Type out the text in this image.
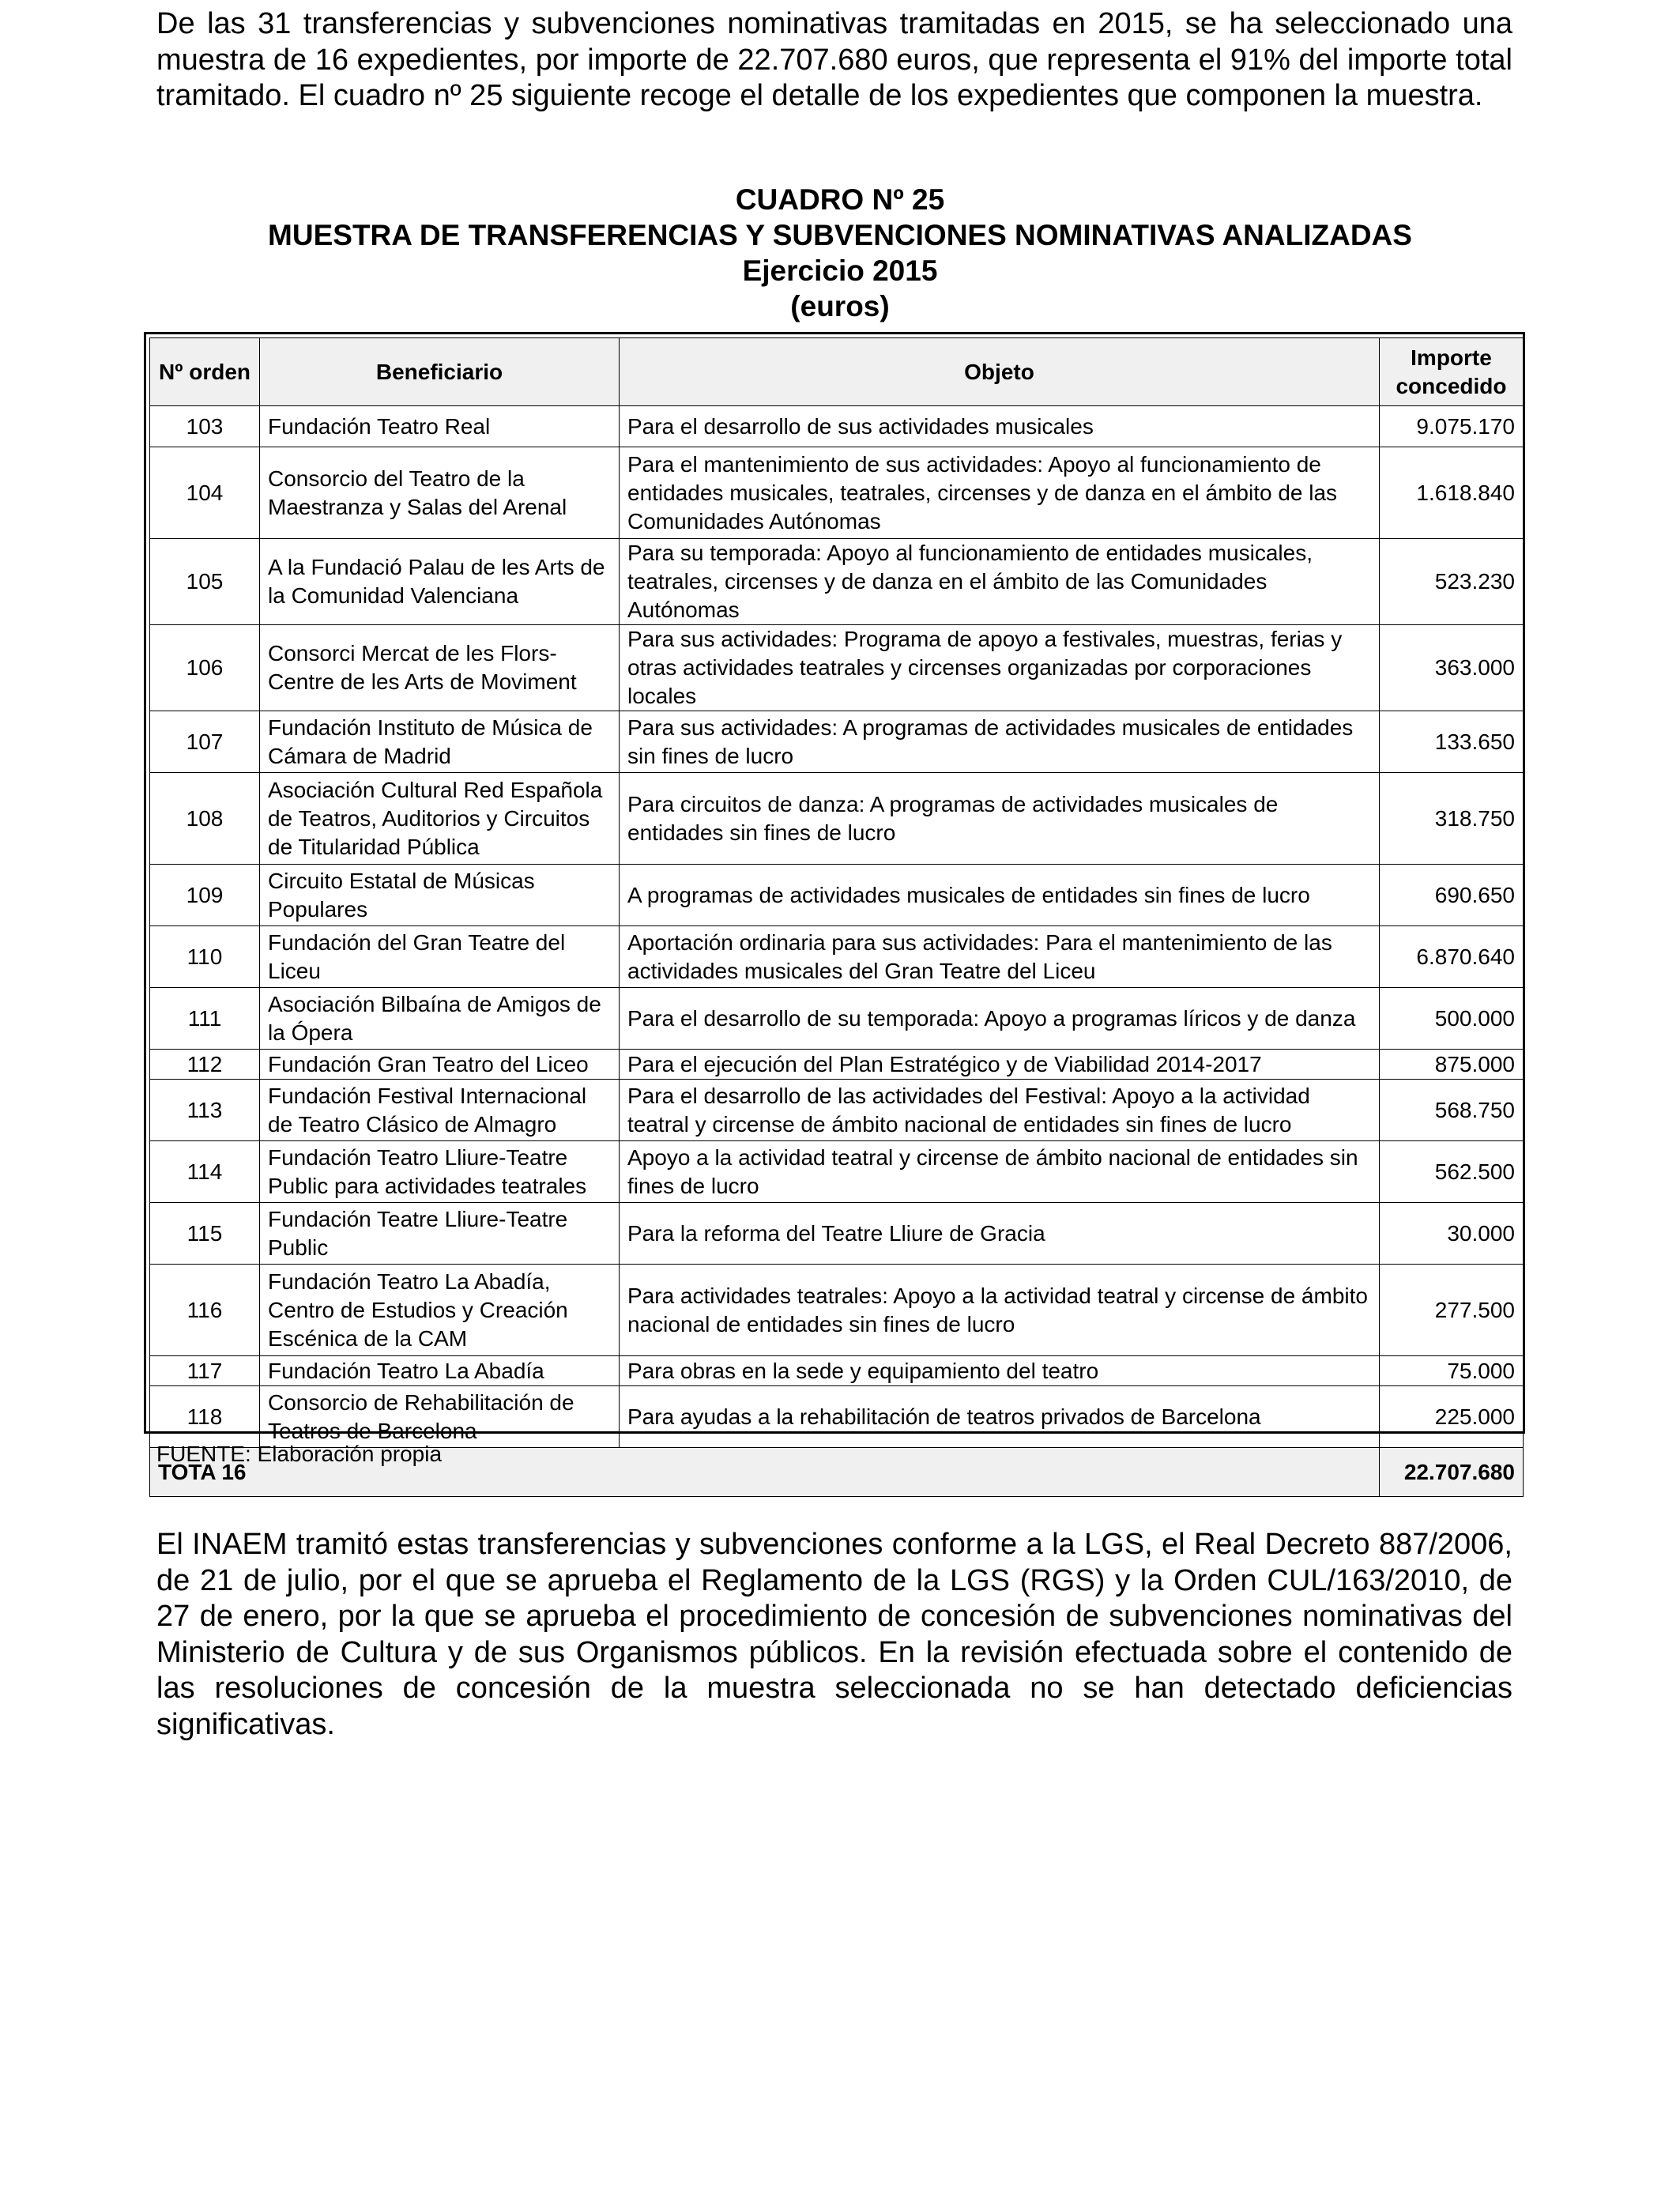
De las 31 transferencias y subvenciones nominativas tramitadas en 2015, se ha seleccionado una muestra de 16 expedientes, por importe de 22.707.680 euros, que representa el 91% del importe total tramitado. El cuadro nº 25 siguiente recoge el detalle de los expedientes que componen la muestra.

CUADRO Nº 25
MUESTRA DE TRANSFERENCIAS Y SUBVENCIONES NOMINATIVAS ANALIZADAS
Ejercicio 2015
(euros)
Nº orden	Beneficiario	Objeto	Importe concedido
103	Fundación Teatro Real	Para el desarrollo de sus actividades musicales	9.075.170
104	Consorcio del Teatro de la Maestranza y Salas del Arenal	Para el mantenimiento de sus actividades: Apoyo al funcionamiento de entidades musicales, teatrales, circenses y de danza en el ámbito de las Comunidades Autónomas	1.618.840
105	A la Fundació Palau de les Arts de la Comunidad Valenciana	Para su temporada: Apoyo al funcionamiento de entidades musicales, teatrales, circenses y de danza en el ámbito de las Comunidades Autónomas	523.230
106	Consorci Mercat de les Flors-Centre de les Arts de Moviment	Para sus actividades: Programa de apoyo a festivales, muestras, ferias y otras actividades teatrales y circenses organizadas por corporaciones locales	363.000
107	Fundación Instituto de Música de Cámara de Madrid	Para sus actividades: A programas de actividades musicales de entidades sin fines de lucro	133.650
108	Asociación Cultural Red Española de Teatros, Auditorios y Circuitos de Titularidad Pública	Para circuitos de danza: A programas de actividades musicales de entidades sin fines de lucro	318.750
109	Circuito Estatal de Músicas Populares	A programas de actividades musicales de entidades sin fines de lucro	690.650
110	Fundación del Gran Teatre del Liceu	Aportación ordinaria para sus actividades: Para el mantenimiento de las actividades musicales del Gran Teatre del Liceu	6.870.640
111	Asociación Bilbaína de Amigos de la Ópera	Para el desarrollo de su temporada: Apoyo a programas líricos y de danza	500.000
112	Fundación Gran Teatro del Liceo	Para el ejecución del Plan Estratégico y de Viabilidad 2014-2017	875.000
113	Fundación Festival Internacional de Teatro Clásico de Almagro	Para el desarrollo de las actividades del Festival: Apoyo a la actividad teatral y circense de ámbito nacional de entidades sin fines de lucro	568.750
114	Fundación Teatro Lliure-Teatre Public para actividades teatrales	Apoyo a la actividad teatral y circense de ámbito nacional de entidades sin fines de lucro	562.500
115	Fundación Teatre Lliure-Teatre Public	Para la reforma del Teatre Lliure de Gracia	30.000
116	Fundación Teatro La Abadía, Centro de Estudios y Creación Escénica de la CAM	Para actividades teatrales: Apoyo a la actividad teatral y circense de ámbito nacional de entidades sin fines de lucro	277.500
117	Fundación Teatro La Abadía	Para obras en la sede y equipamiento del teatro	75.000
118	Consorcio de Rehabilitación de Teatros de Barcelona	Para ayudas a la rehabilitación de teatros privados de Barcelona	225.000
TOTA 16			22.707.680
FUENTE: Elaboración propia

El INAEM tramitó estas transferencias y subvenciones conforme a la LGS, el Real Decreto 887/2006, de 21 de julio, por el que se aprueba el Reglamento de la LGS (RGS) y la Orden CUL/163/2010, de 27 de enero, por la que se aprueba el procedimiento de concesión de subvenciones nominativas del Ministerio de Cultura y de sus Organismos públicos. En la revisión efectuada sobre el contenido de las resoluciones de concesión de la muestra seleccionada no se han detectado deficiencias significativas.
